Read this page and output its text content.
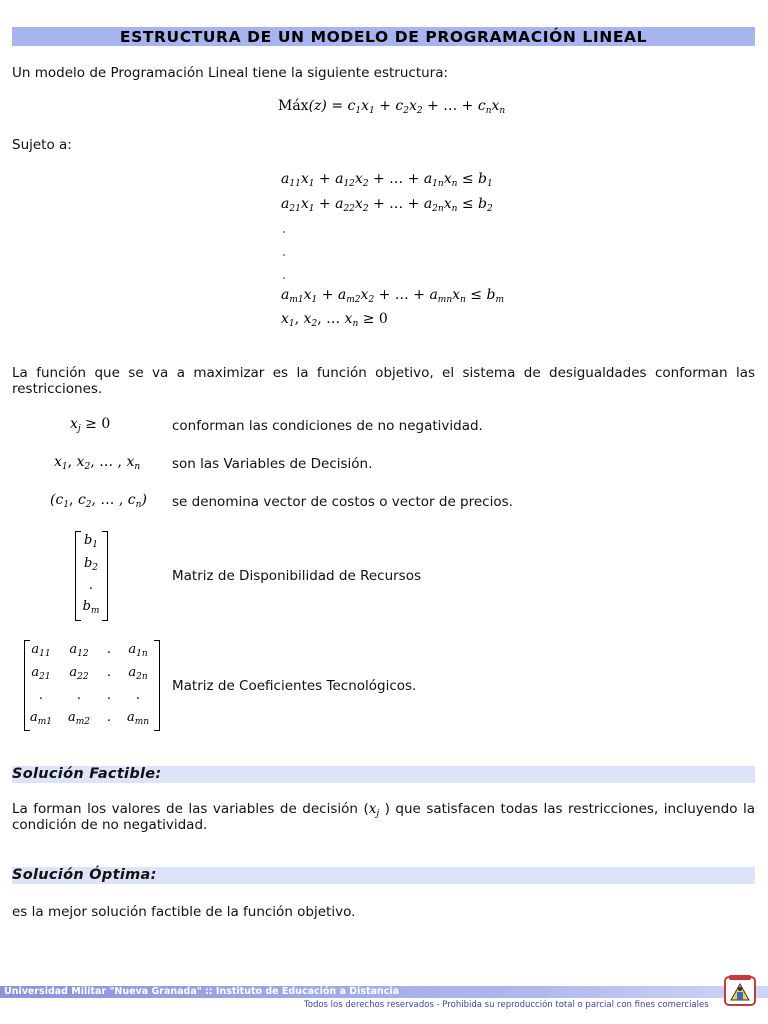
ESTRUCTURA DE UN MODELO DE PROGRAMACIÓN LINEAL
Un modelo de Programación Lineal tiene la siguiente estructura:
Máx(z) = $c_1x_1 + c_2x_2$ + … + $c_nx_n$
Sujeto a:
$a_{11}x_1 + a_{12}x_2$ + … + $a_{1n}x_n \le b_1$
$a_{21}x_1 + a_{22}x_2$ + … + $a_{2n}x_n \le b_2$
$a_{m1}x_1 + a_{m2}x_2$ + … + $a_{mn}x_n \le b_m$
$x_1$, $x_2$, … $x_n \ge 0$
La función que se va a maximizar es la función objetivo, el sistema de desigualdades conforman las restricciones.
$x_j \ge 0$	conforman las condiciones de no negatividad.
$x_1$, $x_2$, … , $x_n$ son las Variables de Decisión.
($c_1$, $c_2$, … , $c_n$) se denomina vector de costos o vector de precios.
$b_1$
$b_2$
.
$b_m$
Matriz de Disponibilidad de Recursos
$a_{11}$	$a_{12}$	.	$a_{1n}$
$a_{21}$	$a_{22}$	.	$a_{2n}$
.	.	.	.
$a_{m1}$	$a_{m2}$	.	$a_{mn}$
Matriz de Coeficientes Tecnológicos.
Solución Factible:
La forman los valores de las variables de decisión ($x_j$ ) que satisfacen todas las restricciones, incluyendo la condición de no negatividad.
Solución Óptima:
es la mejor solución factible de la función objetivo.
Universidad Militar "Nueva Granada" :: Instituto de Educación a Distancia
Todos los derechos reservados - Prohibida su reproducción total o parcial con fines comerciales
